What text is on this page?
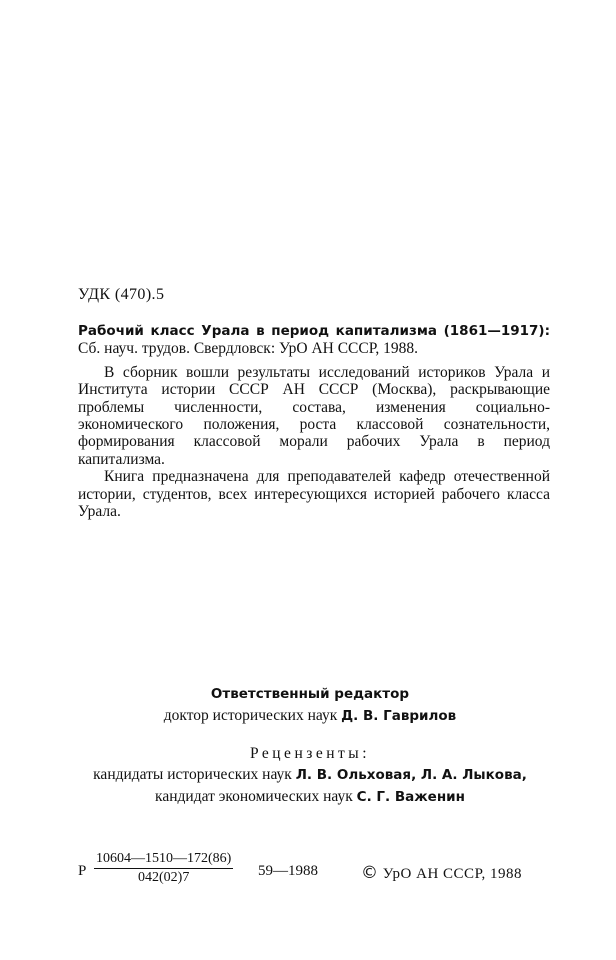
УДК (470).5

Рабочий класс Урала в период капитализма (1861—1917): Сб. науч. трудов. Свердловск: УрО АН СССР, 1988.

В сборник вошли результаты исследований историков Урала и Института истории СССР АН СССР (Москва), раскрывающие проблемы численности, состава, изменения социально-экономического положения, роста классовой сознательности, формирования классовой морали рабочих Урала в период капитализма.

Книга предназначена для преподавателей кафедр отечественной истории, студентов, всех интересующихся историей рабочего класса Урала.

Ответственный редактор
доктор исторических наук Д. В. Гаврилов
Рецензенты:
кандидаты исторических наук Л. В. Ольховая, Л. А. Лыкова,
кандидат экономических наук С. Г. Важенин
Р $\frac{10604—1510—172(86)}{042(02)7}$ 59—1988	© УрО АН СССР, 1988
